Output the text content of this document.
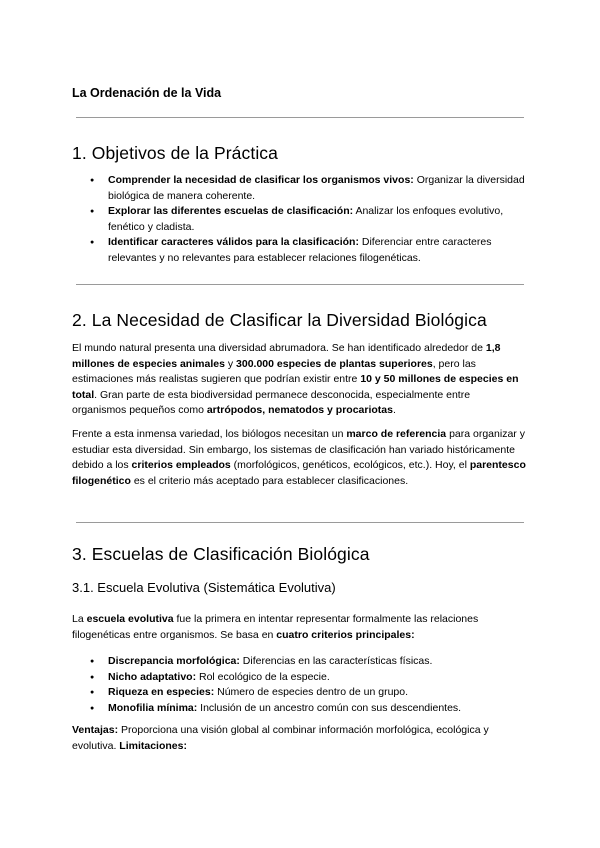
La Ordenación de la Vida
1. Objetivos de la Práctica
● Comprender la necesidad de clasificar los organismos vivos: Organizar la diversidad biológica de manera coherente.
● Explorar las diferentes escuelas de clasificación: Analizar los enfoques evolutivo, fenético y cladista.
● Identificar caracteres válidos para la clasificación: Diferenciar entre caracteres relevantes y no relevantes para establecer relaciones filogenéticas.
2. La Necesidad de Clasificar la Diversidad Biológica

El mundo natural presenta una diversidad abrumadora. Se han identificado alrededor de 1,8 millones de especies animales y 300.000 especies de plantas superiores, pero las estimaciones más realistas sugieren que podrían existir entre 10 y 50 millones de especies en total. Gran parte de esta biodiversidad permanece desconocida, especialmente entre organismos pequeños como artrópodos, nematodos y procariotas.

Frente a esta inmensa variedad, los biólogos necesitan un marco de referencia para organizar y estudiar esta diversidad. Sin embargo, los sistemas de clasificación han variado históricamente debido a los criterios empleados (morfológicos, genéticos, ecológicos, etc.). Hoy, el parentesco filogenético es el criterio más aceptado para establecer clasificaciones.

3. Escuelas de Clasificación Biológica
3.1. Escuela Evolutiva (Sistemática Evolutiva)

La escuela evolutiva fue la primera en intentar representar formalmente las relaciones filogenéticas entre organismos. Se basa en cuatro criterios principales:

● Discrepancia morfológica: Diferencias en las características físicas.
● Nicho adaptativo: Rol ecológico de la especie.
● Riqueza en especies: Número de especies dentro de un grupo.
● Monofilia mínima: Inclusión de un ancestro común con sus descendientes.

Ventajas: Proporciona una visión global al combinar información morfológica, ecológica y evolutiva. Limitaciones:
